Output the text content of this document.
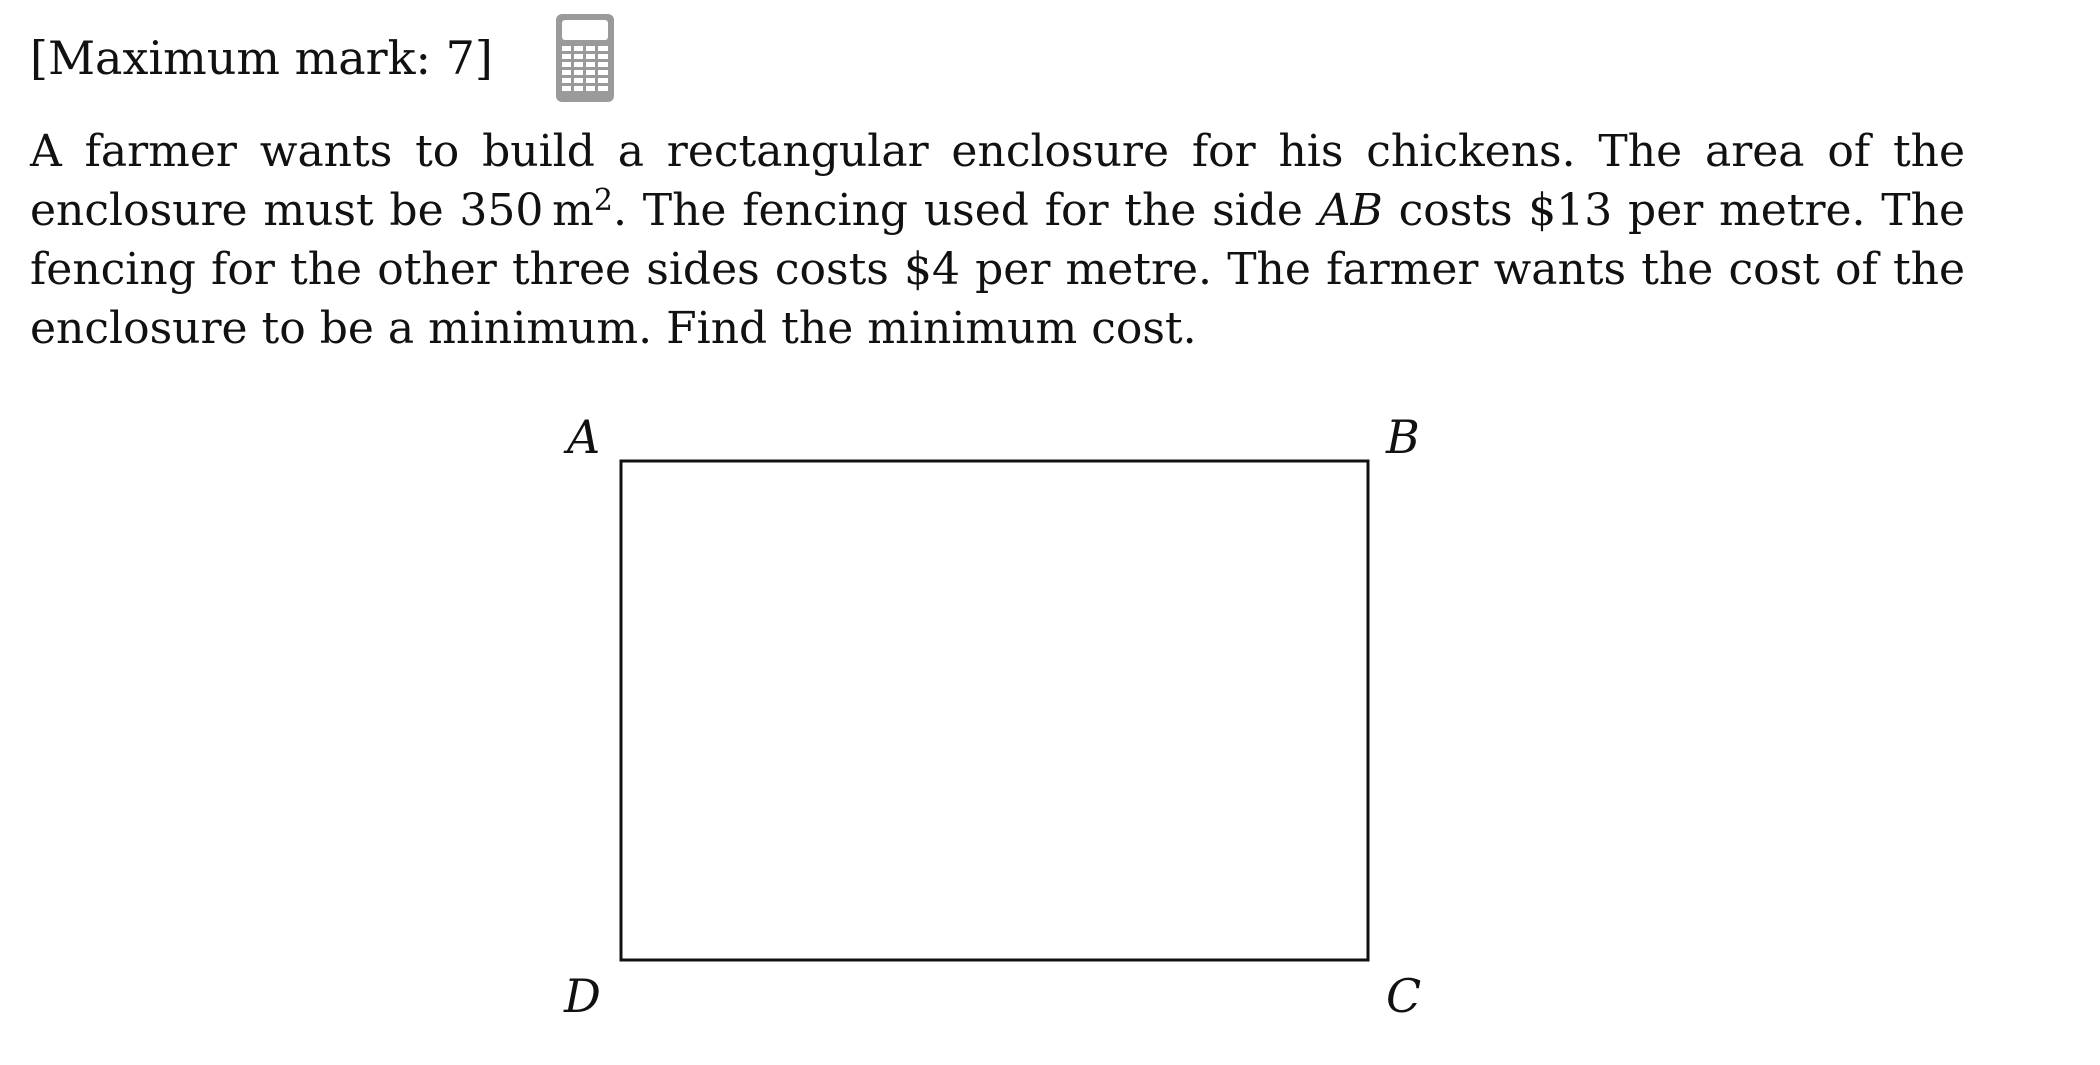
[Maximum mark: 7]
A farmer wants to build a rectangular enclosure for his chickens. The area of the enclosure must be 350  $m^2$. The fencing used for the side AB costs $13 per metre. The fencing for the other three sides costs $4 per metre. The farmer wants the cost of the enclosure to be a minimum. Find the minimum cost.
A	B
D	C
